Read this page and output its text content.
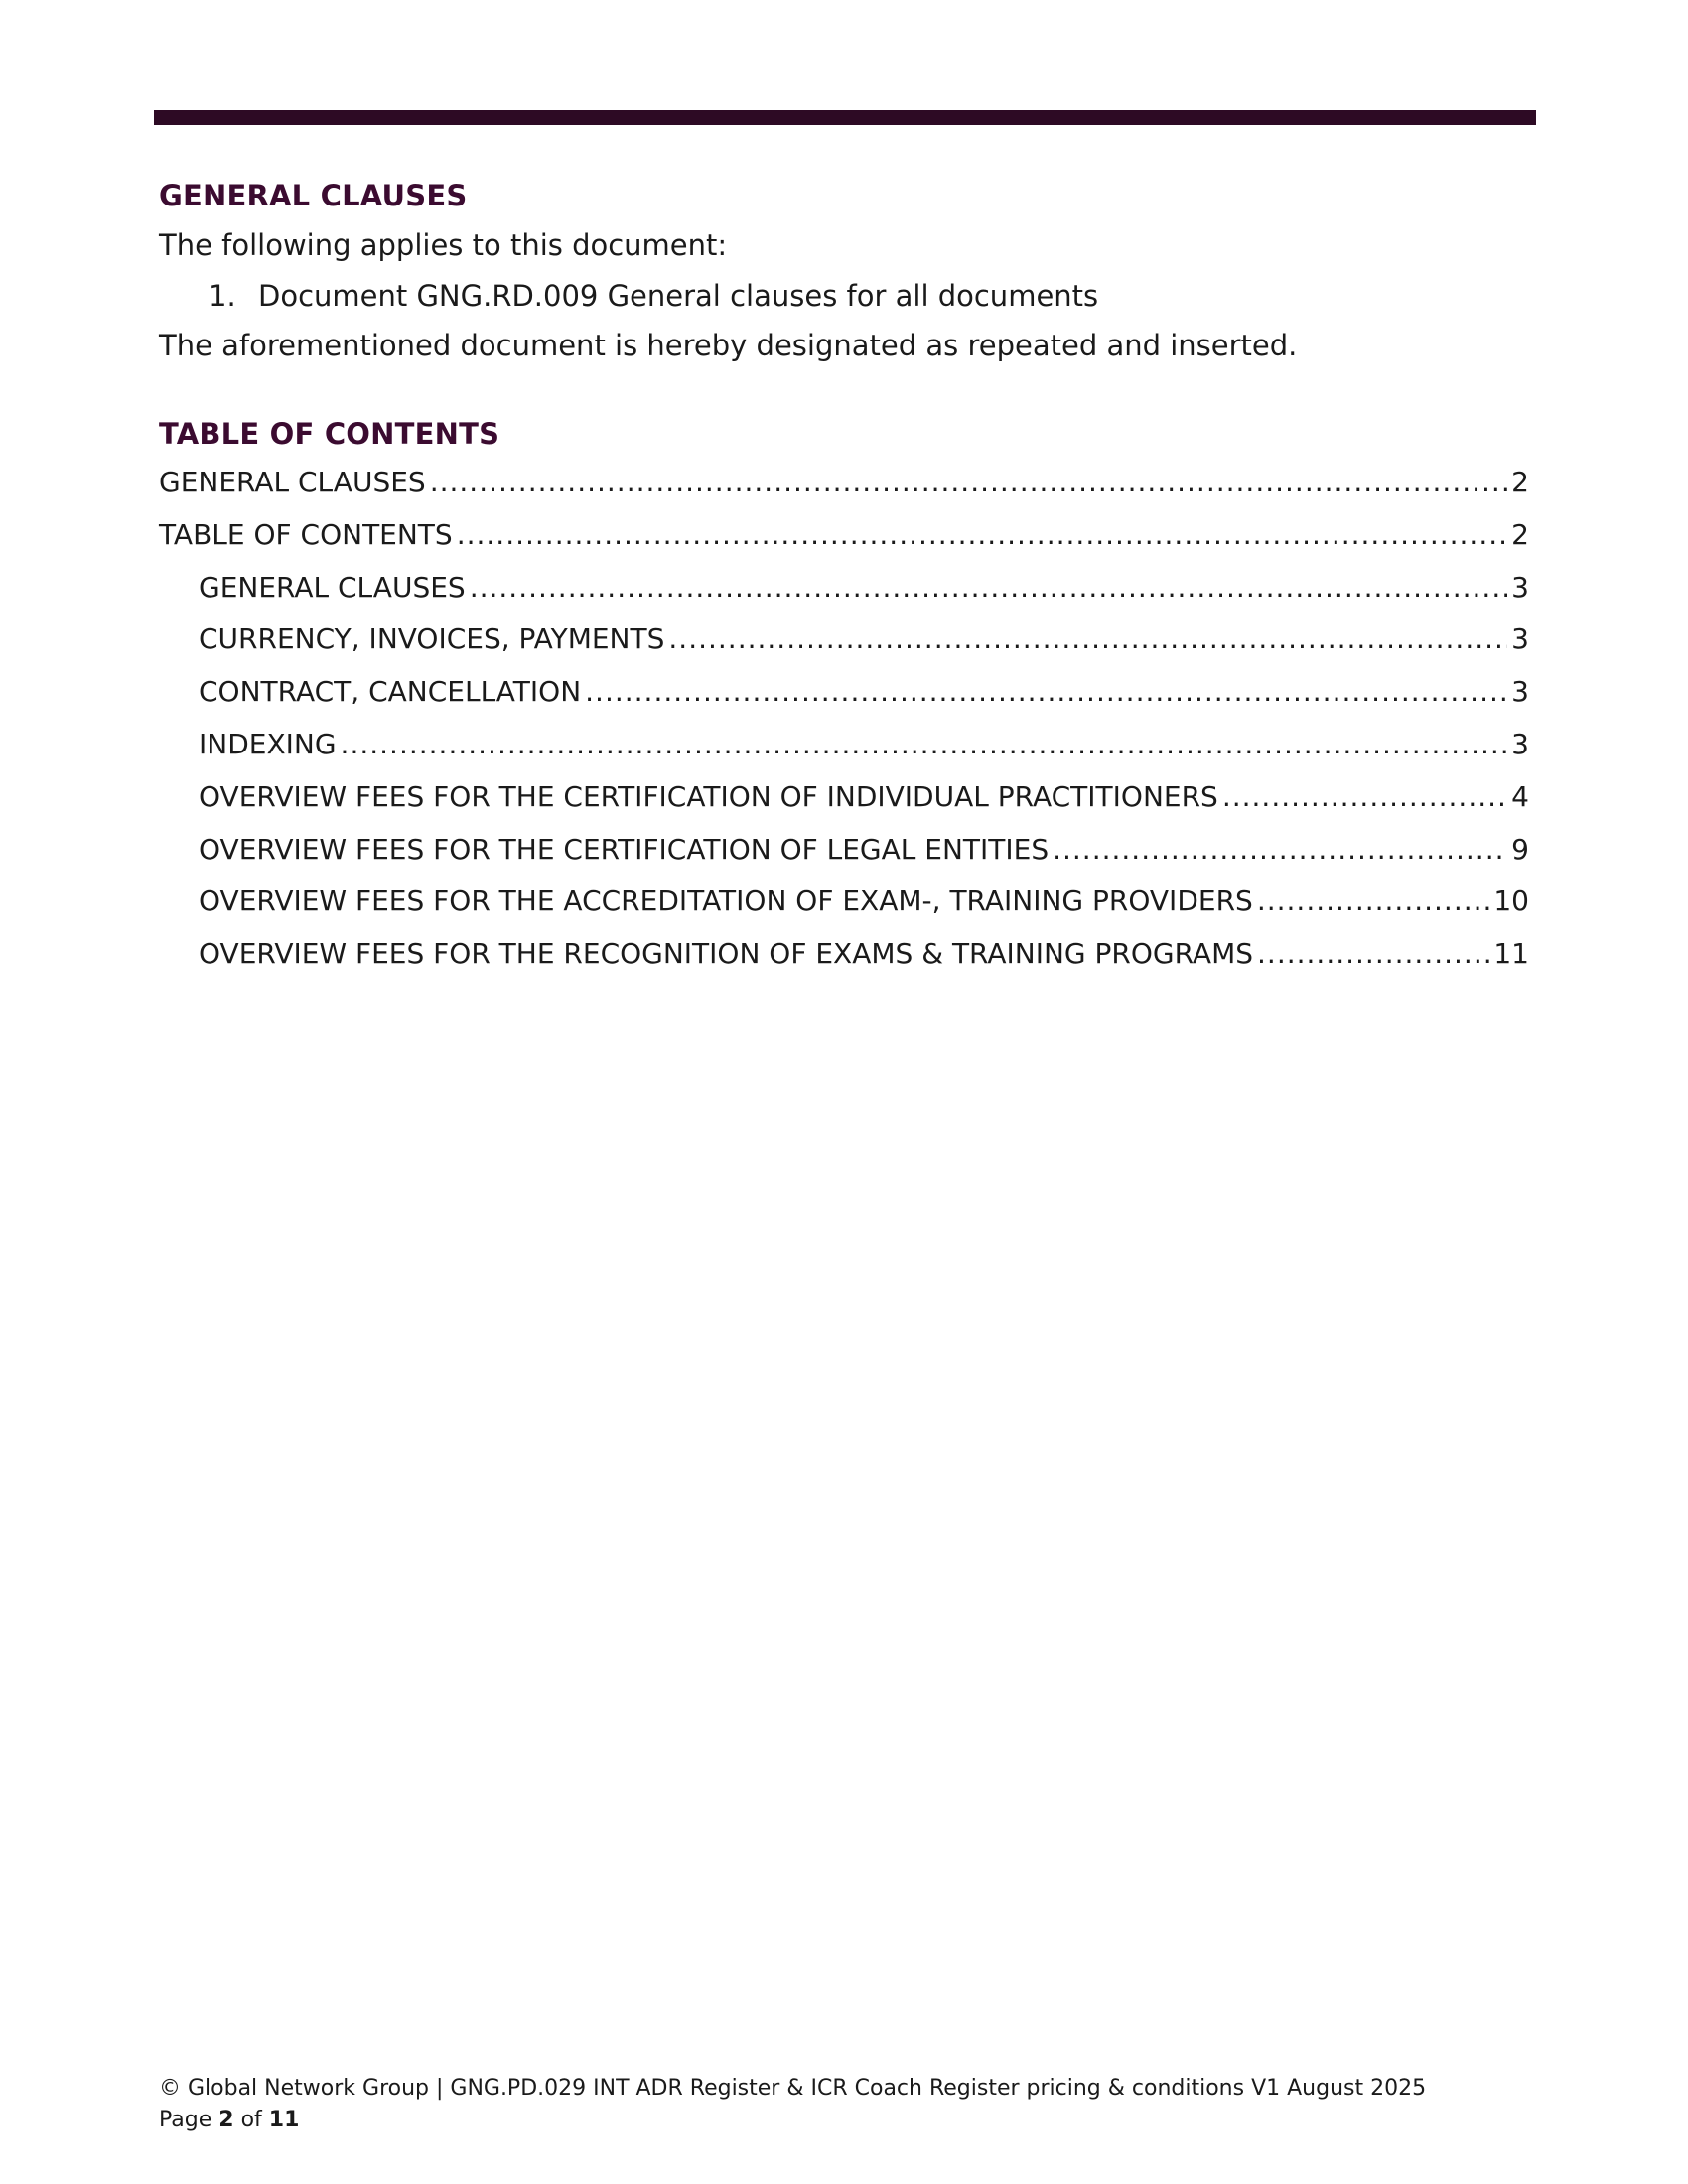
GENERAL CLAUSES
The following applies to this document:
1. Document GNG.RD.009 General clauses for all documents
The aforementioned document is hereby designated as repeated and inserted.
TABLE OF CONTENTS
GENERAL CLAUSES .....	2
TABLE OF CONTENTS .....	2
GENERAL CLAUSES .....	3
CURRENCY, INVOICES, PAYMENTS .....	3
CONTRACT, CANCELLATION .....	3
INDEXING .....	3
OVERVIEW FEES FOR THE CERTIFICATION OF INDIVIDUAL PRACTITIONERS .....	4
OVERVIEW FEES FOR THE CERTIFICATION OF LEGAL ENTITIES .....	9
OVERVIEW FEES FOR THE ACCREDITATION OF EXAM-, TRAINING PROVIDERS .....	10
OVERVIEW FEES FOR THE RECOGNITION OF EXAMS & TRAINING PROGRAMS .....	11
© Global Network Group | GNG.PD.029 INT ADR Register & ICR Coach Register pricing & conditions V1 August 2025
Page 2 of 11
